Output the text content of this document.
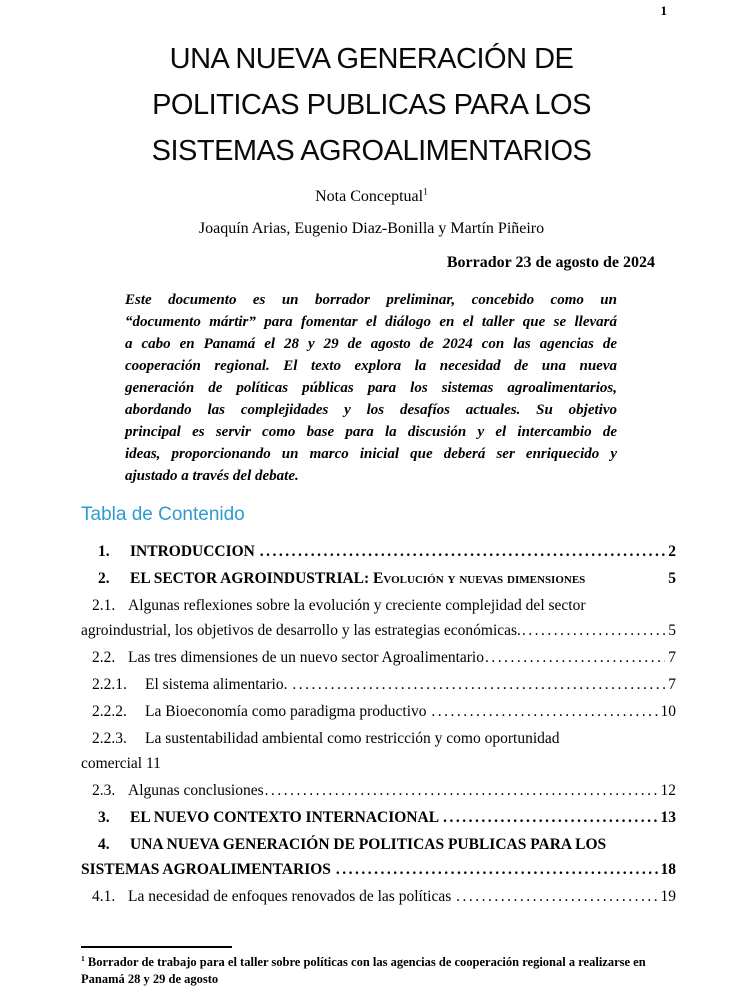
1
UNA NUEVA GENERACIÓN DE
POLITICAS PUBLICAS PARA LOS
SISTEMAS AGROALIMENTARIOS
Nota Conceptual$^1$
Joaquín Arias, Eugenio Diaz-Bonilla y Martín Piñeiro
Borrador 23 de agosto de 2024
Este documento es un borrador preliminar, concebido como un
“documento mártir” para fomentar el diálogo en el taller que se llevará
a cabo en Panamá el 28 y 29 de agosto de 2024 con las agencias de
cooperación regional. El texto explora la necesidad de una nueva
generación de políticas públicas para los sistemas agroalimentarios,
abordando las complejidades y los desafíos actuales. Su objetivo
principal es servir como base para la discusión y el intercambio de
ideas, proporcionando un marco inicial que deberá ser enriquecido y
ajustado a través del debate.
Tabla de Contenido
1.	INTRODUCCION .....	2
2.	EL SECTOR AGROINDUSTRIAL: Evolución y nuevas dimensiones	5
2.1. Algunas reflexiones sobre la evolución y creciente complejidad del sector
agroindustrial, los objetivos de desarrollo y las estrategias económicas. .....	5
2.2. Las tres dimensiones de un nuevo sector Agroalimentario .....	7
2.2.1.	El sistema alimentario. .....	7
2.2.2.	La Bioeconomía como paradigma productivo .....	10
2.2.3.	La sustentabilidad ambiental como restricción y como oportunidad
comercial 11
2.3. Algunas conclusiones .....	12
3.	EL NUEVO CONTEXTO INTERNACIONAL .....	13
4.	UNA NUEVA GENERACIÓN DE POLITICAS PUBLICAS PARA LOS
SISTEMAS AGROALIMENTARIOS .....	18
4.1. La necesidad de enfoques renovados de las políticas .....	19
$^1$ Borrador de trabajo para el taller sobre políticas con las agencias de cooperación regional a realizarse en
Panamá 28 y 29 de agosto
